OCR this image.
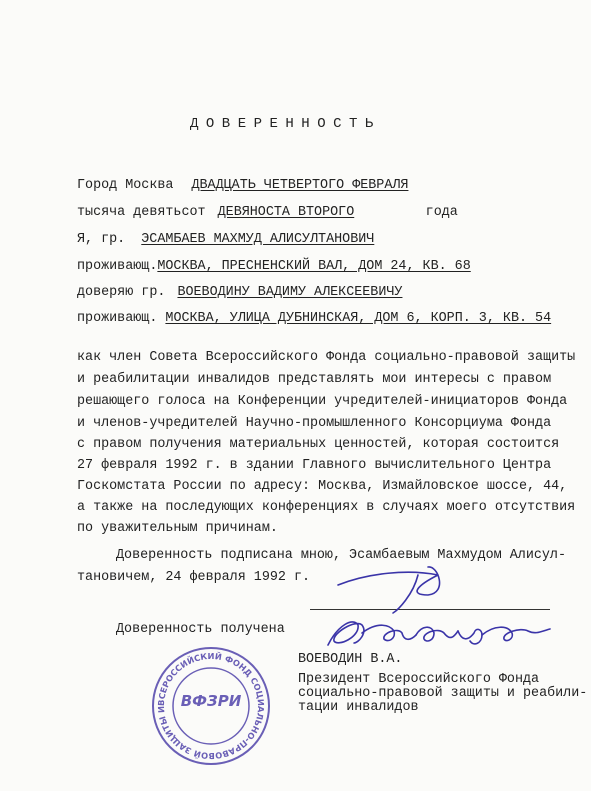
ДОВЕРЕННОСТЬ
Город Москва ДВАДЦАТЬ ЧЕТВЕРТОГО ФЕВРАЛЯ
тысяча девятьсот ДЕВЯНОСТА ВТОРОГО	года
Я, гр. ЭСАМБАЕВ МАХМУД АЛИСУЛТАНОВИЧ
проживающ.МОСКВА, ПРЕСНЕНСКИЙ ВАЛ, ДОМ 24, КВ. 68
доверяю гр. ВОЕВОДИНУ ВАДИМУ АЛЕКСЕЕВИЧУ
проживающ. МОСКВА, УЛИЦА ДУБНИНСКАЯ, ДОМ 6, КОРП. 3, КВ. 54
как член Совета Всероссийского Фонда социально-правовой защиты
и реабилитации инвалидов представлять мои интересы с правом
решающего голоса на Конференции учредителей-инициаторов Фонда
и членов-учредителей Научно-промышленного Консорциума Фонда
с правом получения материальных ценностей, которая состоится
27 февраля 1992 г. в здании Главного вычислительного Центра
Госкомстата России по адресу: Москва, Измайловское шоссе, 44,
а также на последующих конференциях в случаях моего отсутствия
по уважительным причинам.
Доверенность подписана мною, Эсамбаевым Махмудом Алисул-
тановичем, 24 февраля 1992 г.
Доверенность получена
ВОЕВОДИН В.А.
Президент Всероссийского Фонда
социально-правовой защиты и реабили-
тации инвалидов
ВСЕРОССИЙСКИЙ ФОНД СОЦИАЛЬНО-ПРАВОВОЙ ЗАЩИТЫ И ВФЗРИ
